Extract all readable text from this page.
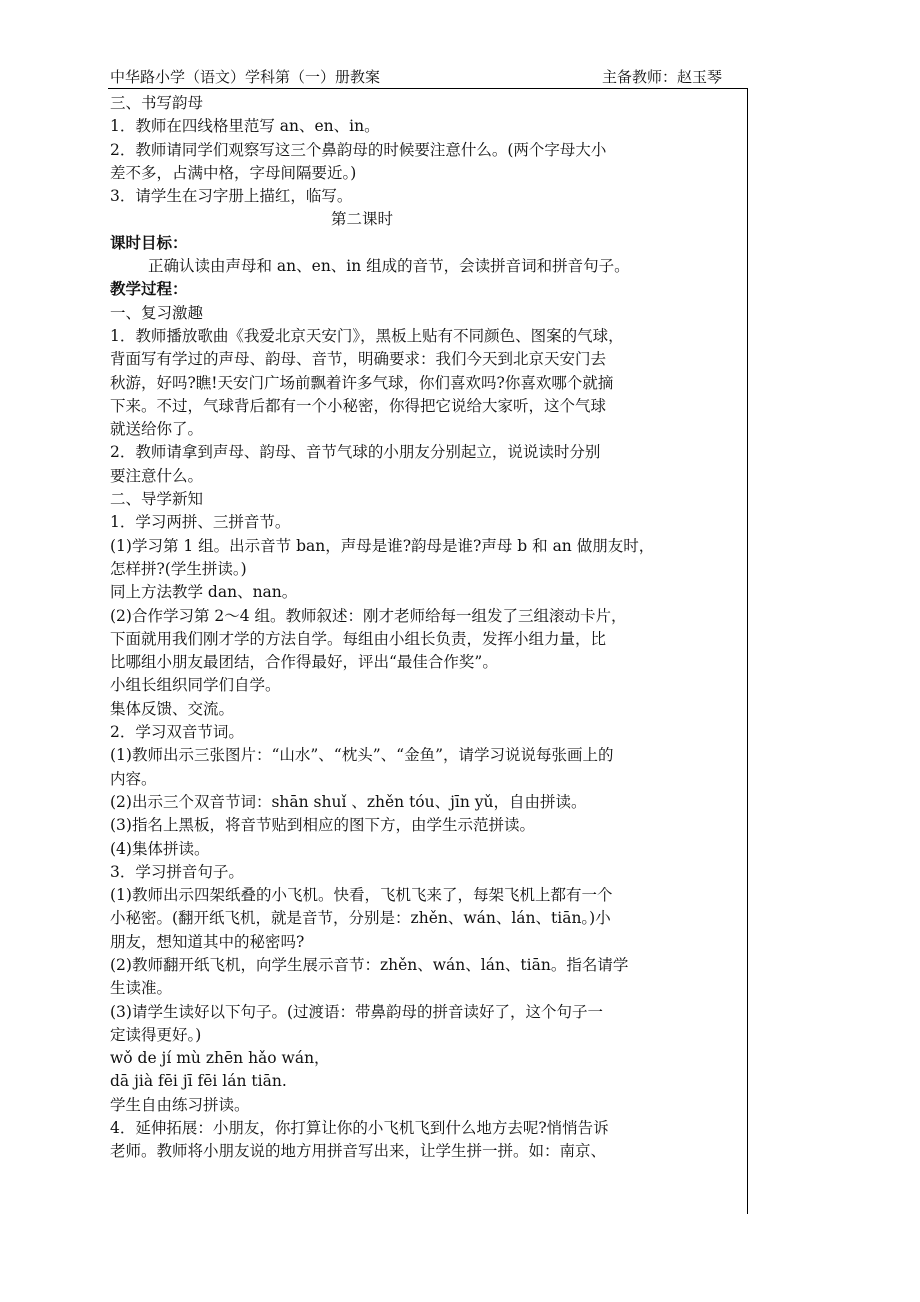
中华路小学（语文）学科第（一）册教案	主备教师：赵玉琴
三、书写韵母
1．教师在四线格里范写 an、en、in。
2．教师请同学们观察写这三个鼻韵母的时候要注意什么。(两个字母大小
差不多，占满中格，字母间隔要近。)
3．请学生在习字册上描红，临写。
第二课时
课时目标：
正确认读由声母和 an、en、in 组成的音节，会读拼音词和拼音句子。
教学过程：
一、复习激趣
1．教师播放歌曲《我爱北京天安门》，黑板上贴有不同颜色、图案的气球，
背面写有学过的声母、韵母、音节，明确要求：我们今天到北京天安门去
秋游，好吗?瞧!天安门广场前飘着许多气球，你们喜欢吗?你喜欢哪个就摘
下来。不过，气球背后都有一个小秘密，你得把它说给大家听，这个气球
就送给你了。
2．教师请拿到声母、韵母、音节气球的小朋友分别起立，说说读时分别
要注意什么。
二、导学新知
1．学习两拼、三拼音节。
(1)学习第 1 组。出示音节 ban，声母是谁?韵母是谁?声母 b 和 an 做朋友时，
怎样拼?(学生拼读。)
同上方法教学 dan、nan。
(2)合作学习第 2～4 组。教师叙述：刚才老师给每一组发了三组滚动卡片，
下面就用我们刚才学的方法自学。每组由小组长负责，发挥小组力量，比
比哪组小朋友最团结，合作得最好，评出“最佳合作奖”。
小组长组织同学们自学。
集体反馈、交流。
2．学习双音节词。
(1)教师出示三张图片：“山水”、“枕头”、“金鱼”，请学习说说每张画上的
内容。
(2)出示三个双音节词：shān shuǐ 、zhěn tóu、jīn yǔ，自由拼读。
(3)指名上黑板，将音节贴到相应的图下方，由学生示范拼读。
(4)集体拼读。
3．学习拼音句子。
(1)教师出示四架纸叠的小飞机。快看，飞机飞来了，每架飞机上都有一个
小秘密。(翻开纸飞机，就是音节，分别是：zhěn、wán、lán、tiān。)小
朋友，想知道其中的秘密吗?
(2)教师翻开纸飞机，向学生展示音节：zhěn、wán、lán、tiān。指名请学
生读准。
(3)请学生读好以下句子。(过渡语：带鼻韵母的拼音读好了，这个句子一
定读得更好。)
wǒ de jí mù zhēn hǎo wán，
dā jià fēi jī fēi lán tiān.
学生自由练习拼读。
4．延伸拓展：小朋友，你打算让你的小飞机飞到什么地方去呢?悄悄告诉
老师。教师将小朋友说的地方用拼音写出来，让学生拼一拼。如：南京、
